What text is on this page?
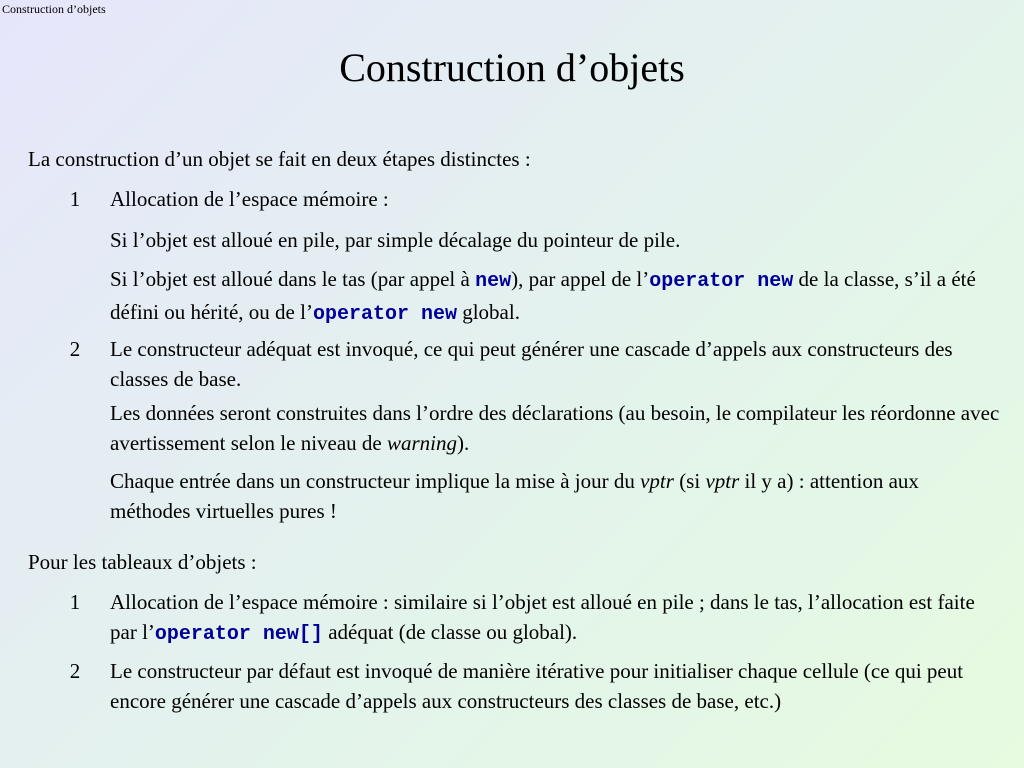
Construction d’objets
Construction d’objets
La construction d’un objet se fait en deux étapes distinctes :
1 Allocation de l’espace mémoire :
Si l’objet est alloué en pile, par simple décalage du pointeur de pile.
Si l’objet est alloué dans le tas (par appel à new), par appel de l’operator new de la classe, s’il a été défini ou hérité, ou de l’operator new global.
2 Le constructeur adéquat est invoqué, ce qui peut générer une cascade d’appels aux constructeurs des classes de base.
Les données seront construites dans l’ordre des déclarations (au besoin, le compilateur les réordonne avec avertissement selon le niveau de warning).
Chaque entrée dans un constructeur implique la mise à jour du vptr (si vptr il y a) : attention aux méthodes virtuelles pures !
Pour les tableaux d’objets :
1 Allocation de l’espace mémoire : similaire si l’objet est alloué en pile ; dans le tas, l’allocation est faite par l’operator new[] adéquat (de classe ou global).
2 Le constructeur par défaut est invoqué de manière itérative pour initialiser chaque cellule (ce qui peut encore générer une cascade d’appels aux constructeurs des classes de base, etc.)
